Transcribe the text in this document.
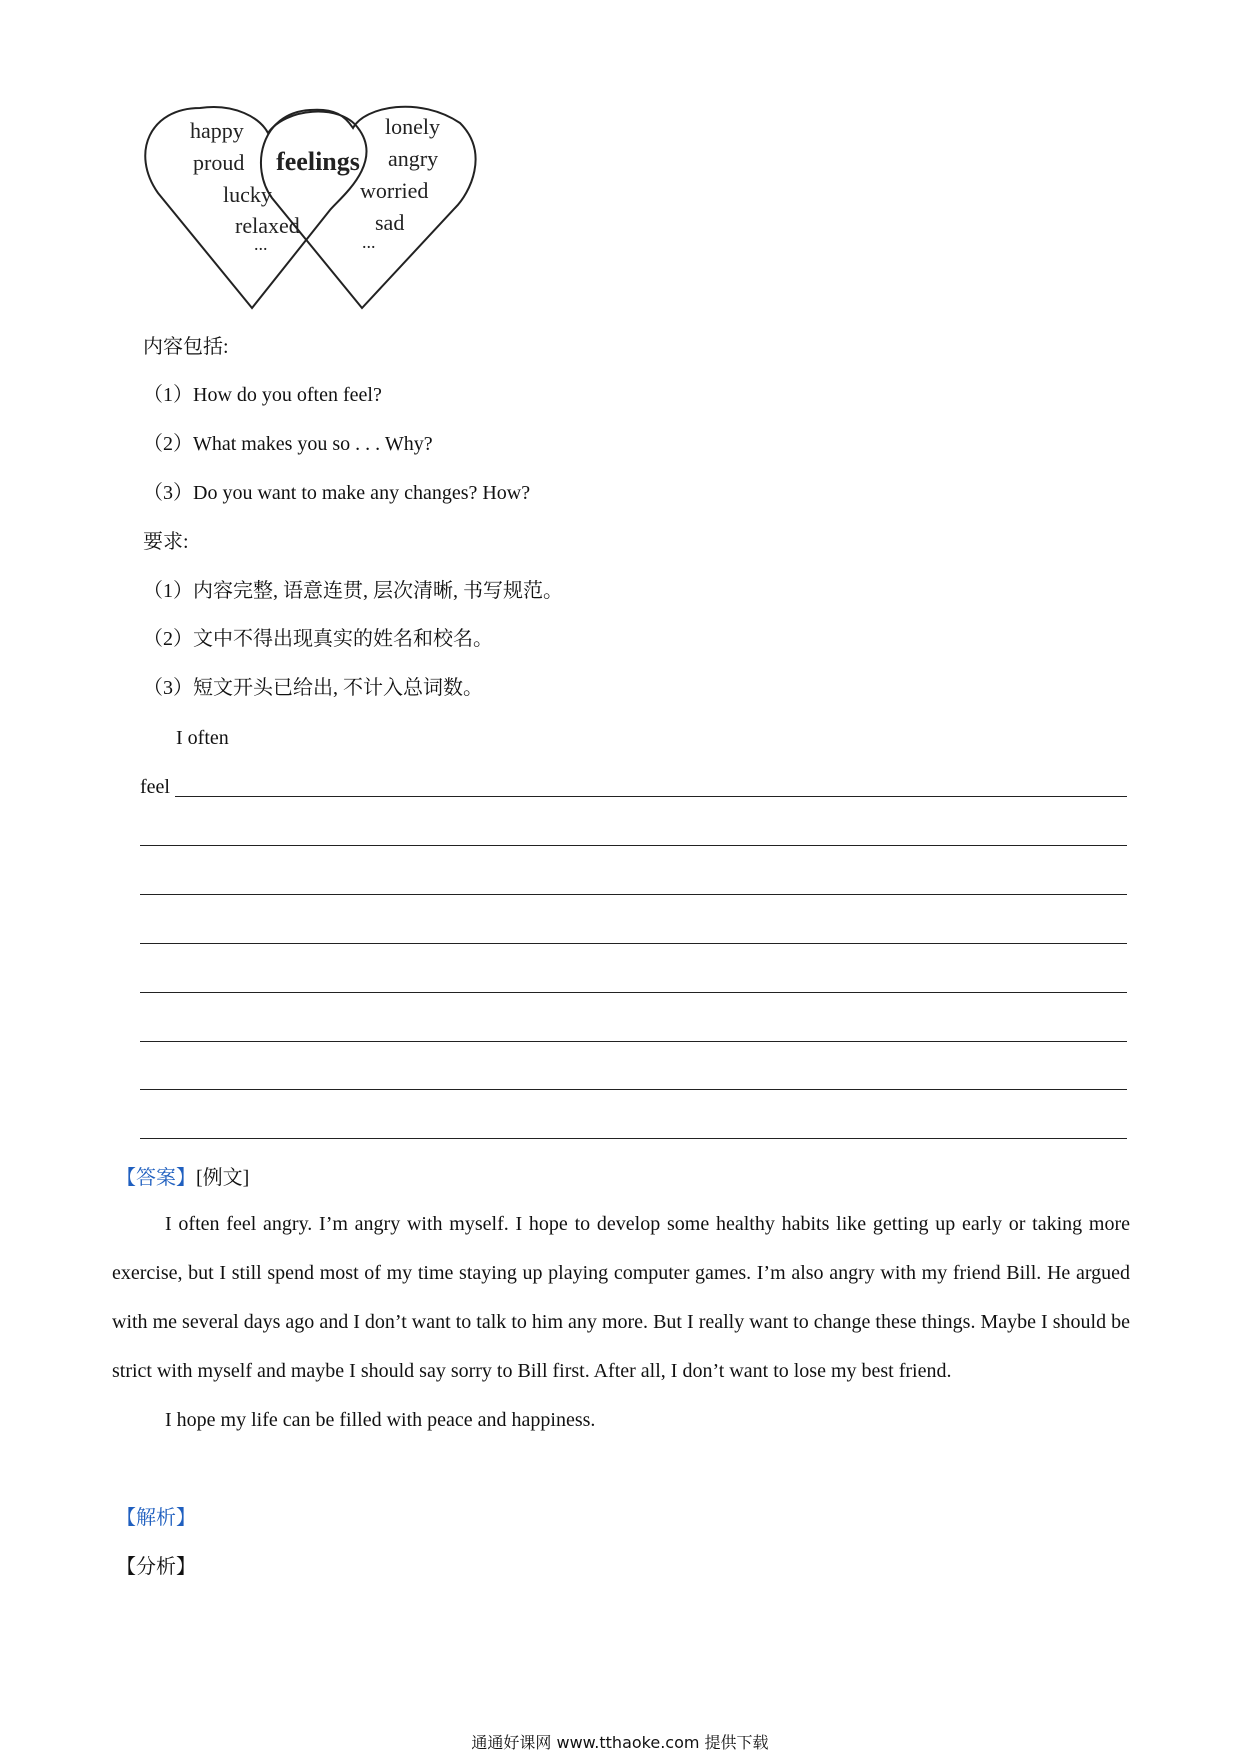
feelings
happy
proud
lucky
relaxed
...
lonely
angry
worried
sad
...
内容包括:
（1）How do you often feel?
（2）What makes you so . . . Why?
（3）Do you want to make any changes? How?
要求:
（1）内容完整, 语意连贯, 层次清晰, 书写规范。
（2）文中不得出现真实的姓名和校名。
（3）短文开头已给出, 不计入总词数。
I often
feel
【答案】[例文]

I often feel angry. I’m angry with myself. I hope to develop some healthy habits like getting up early or taking more exercise, but I still spend most of my time staying up playing computer games. I’m also angry with my friend Bill. He argued with me several days ago and I don’t want to talk to him any more. But I really want to change these things. Maybe I should be strict with myself and maybe I should say sorry to Bill first. After all, I don’t want to lose my best friend.

I hope my life can be filled with peace and happiness.

【解析】
【分析】
通通好课网 www.tthaoke.com 提供下载
